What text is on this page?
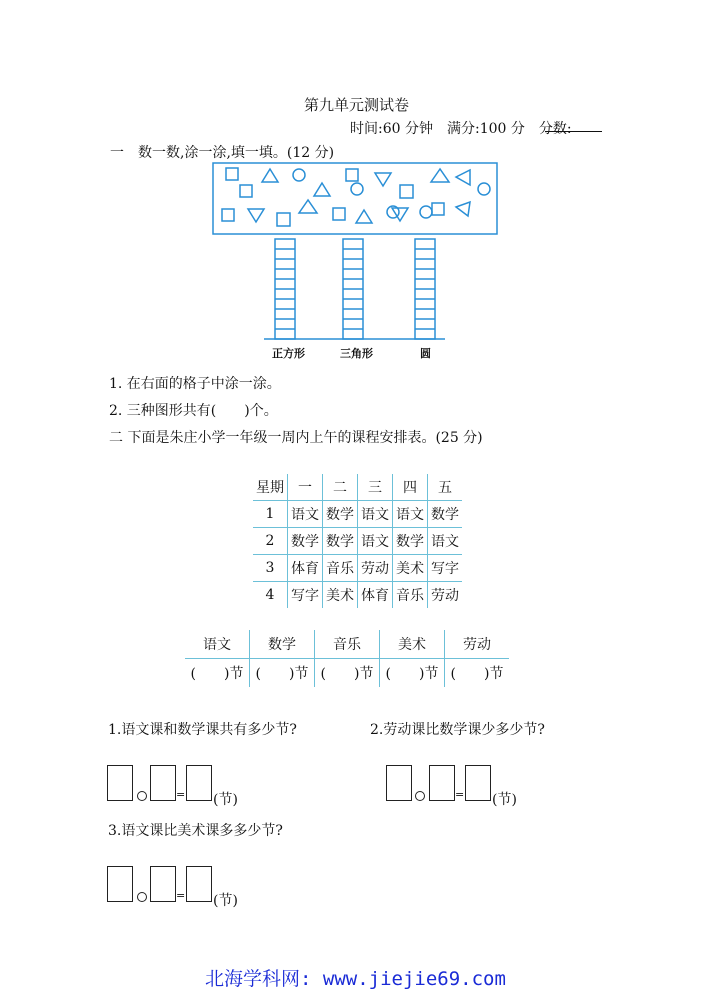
第九单元测试卷
时间:60 分钟　满分:100 分　分数:
一　数一数,涂一涂,填一填。(12 分)
正方形	三角形	圆
1. 在右面的格子中涂一涂。
2. 三种图形共有(　　)个。
二 下面是朱庄小学一年级一周内上午的课程安排表。(25 分)
星期	一	二	三	四	五
1	语文	数学	语文	语文	数学
2	数学	数学	语文	数学	语文
3	体育	音乐	劳动	美术	写字
4	写字	美术	体育	音乐	劳动
语文	数学	音乐	美术	劳动
(　　)节	(　　)节	(　　)节	(　　)节	(　　)节
1.语文课和数学课共有多少节?	2.劳动课比数学课少多少节?
= (节)	= (节)
3.语文课比美术课多多少节?
= (节)
北海学科网: www.jiejie69.com
